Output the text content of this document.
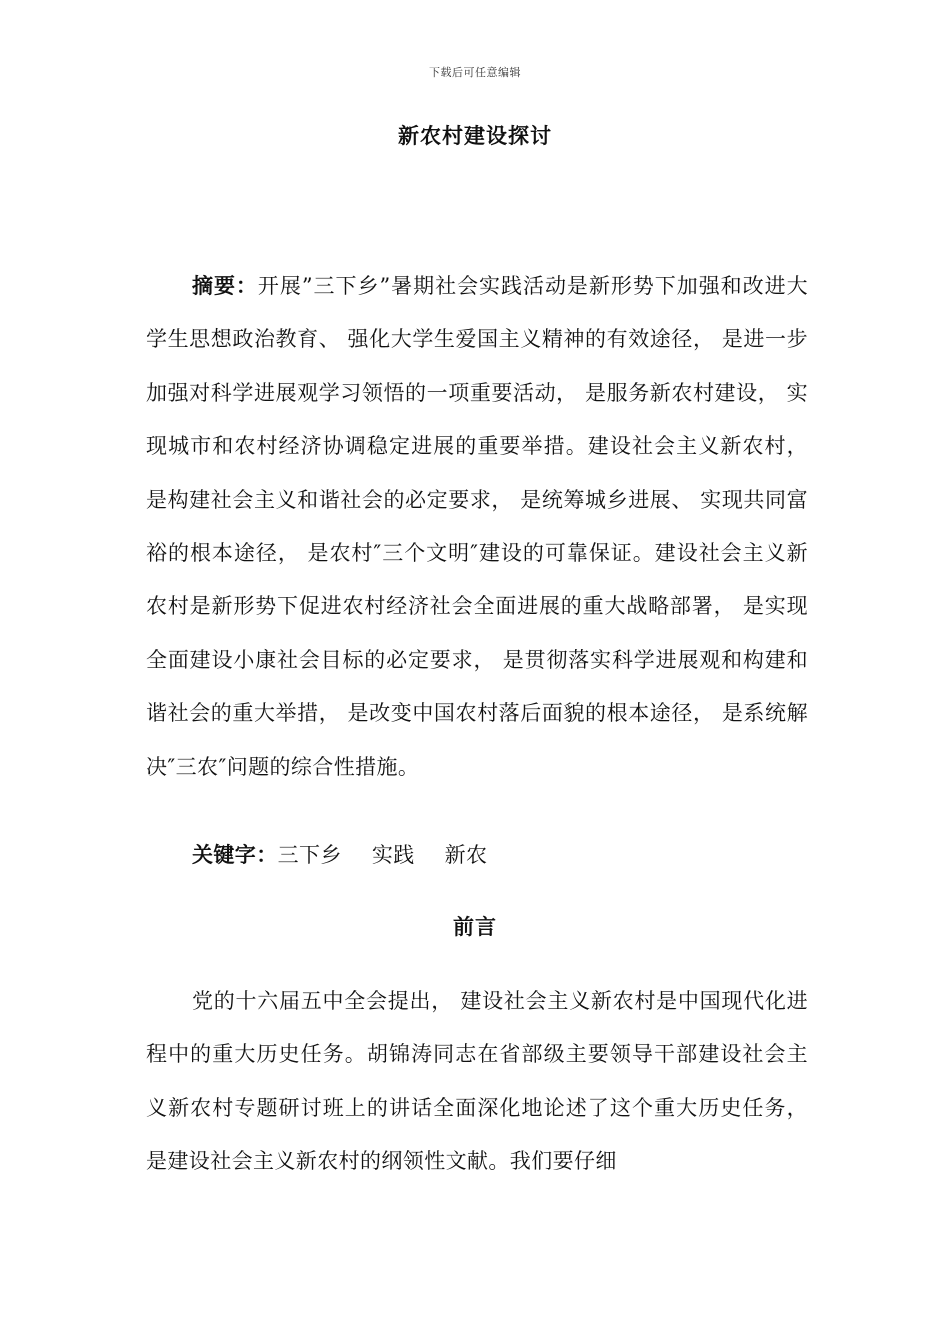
下载后可任意编辑
新农村建设探讨

摘要：开展”三下乡”暑期社会实践活动是新形势下加强和改进大学生思想政治教育、 强化大学生爱国主义精神的有效途径， 是进一步加强对科学进展观学习领悟的一项重要活动， 是服务新农村建设， 实现城市和农村经济协调稳定进展的重要举措。建设社会主义新农村， 是构建社会主义和谐社会的必定要求， 是统筹城乡进展、 实现共同富裕的根本途径， 是农村″三个文明″建设的可靠保证。建设社会主义新农村是新形势下促进农村经济社会全面进展的重大战略部署， 是实现全面建设小康社会目标的必定要求， 是贯彻落实科学进展观和构建和谐社会的重大举措， 是改变中国农村落后面貌的根本途径， 是系统解决″三农″问题的综合性措施。

关键字：三下乡 实践 新农

前言

党的十六届五中全会提出， 建设社会主义新农村是中国现代化进程中的重大历史任务。胡锦涛同志在省部级主要领导干部建设社会主义新农村专题研讨班上的讲话全面深化地论述了这个重大历史任务， 是建设社会主义新农村的纲领性文献。我们要仔细
